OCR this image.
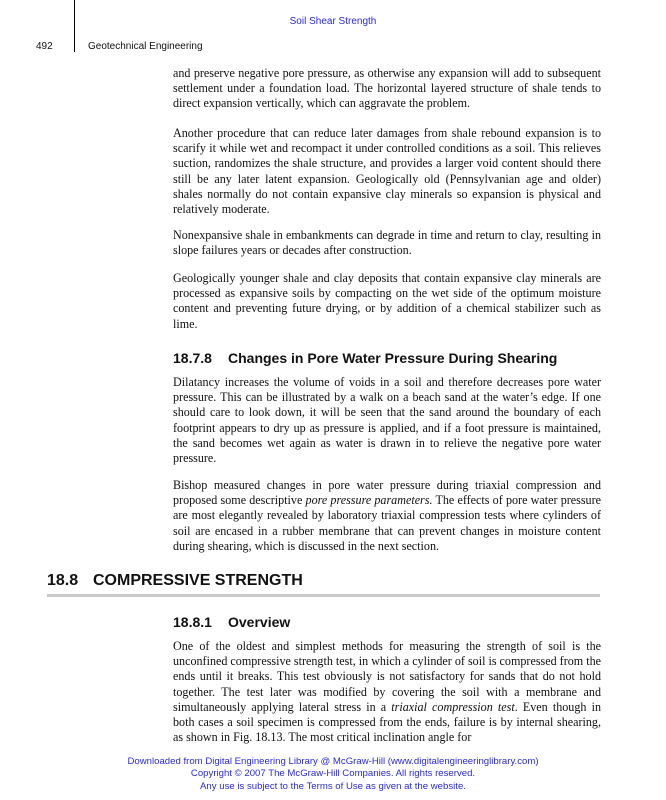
Soil Shear Strength
492	Geotechnical Engineering

and preserve negative pore pressure, as otherwise any expansion will add to subsequent settlement under a foundation load. The horizontal layered structure of shale tends to direct expansion vertically, which can aggravate the problem.

Another procedure that can reduce later damages from shale rebound expansion is to scarify it while wet and recompact it under controlled conditions as a soil. This relieves suction, randomizes the shale structure, and provides a larger void content should there still be any later latent expansion. Geologically old (Pennsylvanian age and older) shales normally do not contain expansive clay minerals so expansion is physical and relatively moderate.

Nonexpansive shale in embankments can degrade in time and return to clay, resulting in slope failures years or decades after construction.

Geologically younger shale and clay deposits that contain expansive clay minerals are processed as expansive soils by compacting on the wet side of the optimum moisture content and preventing future drying, or by addition of a chemical stabilizer such as lime.

18.7.8 Changes in Pore Water Pressure During Shearing

Dilatancy increases the volume of voids in a soil and therefore decreases pore water pressure. This can be illustrated by a walk on a beach sand at the water’s edge. If one should care to look down, it will be seen that the sand around the boundary of each footprint appears to dry up as pressure is applied, and if a foot pressure is maintained, the sand becomes wet again as water is drawn in to relieve the negative pore water pressure.

Bishop measured changes in pore water pressure during triaxial compression and proposed some descriptive pore pressure parameters. The effects of pore water pressure are most elegantly revealed by laboratory triaxial compression tests where cylinders of soil are encased in a rubber membrane that can prevent changes in moisture content during shearing, which is discussed in the next section.

18.8 COMPRESSIVE STRENGTH
18.8.1 Overview

One of the oldest and simplest methods for measuring the strength of soil is the unconfined compressive strength test, in which a cylinder of soil is compressed from the ends until it breaks. This test obviously is not satisfactory for sands that do not hold together. The test later was modified by covering the soil with a membrane and simultaneously applying lateral stress in a triaxial compression test. Even though in both cases a soil specimen is compressed from the ends, failure is by internal shearing, as shown in Fig. 18.13. The most critical inclination angle for

Downloaded from Digital Engineering Library @ McGraw-Hill (www.digitalengineeringlibrary.com)
Copyright © 2007 The McGraw-Hill Companies. All rights reserved.
Any use is subject to the Terms of Use as given at the website.
